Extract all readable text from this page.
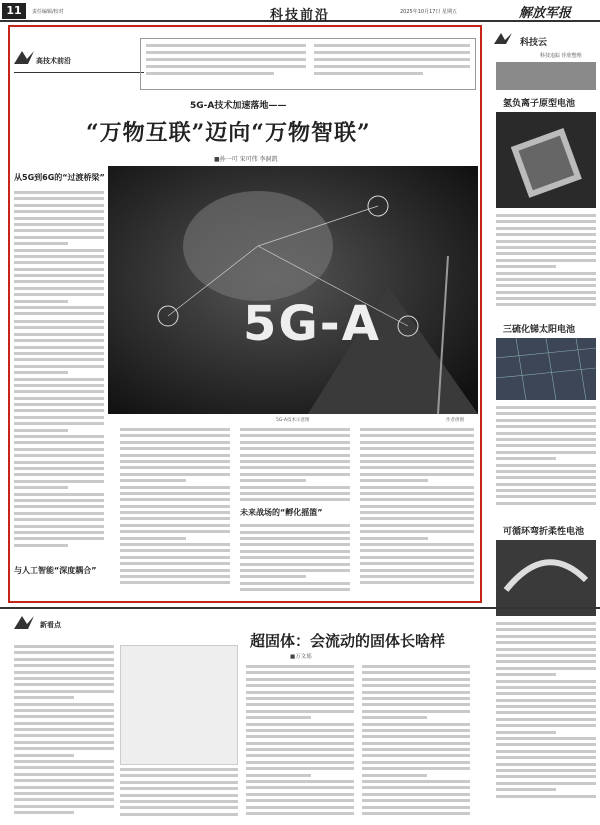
11	责任编辑/校对	科技前沿	2025年10月17日 星期五	解放军报
高技术前沿
5G-A技术加速落地——
“万物互联”迈向“万物智联”
■孙一可 宋可伟 李洞凯
从5G到6G的“过渡桥梁”
5G-A
5G-A技术示意图	作者供图
与人工智能“深度耦合”
未来战场的“孵化摇篮”
科技云
科技追踪 佳欣整理
氢负离子原型电池
三硫化锑太阳电池
可循环弯折柔性电池
新看点
超固体：会流动的固体长啥样
■万文瑶
